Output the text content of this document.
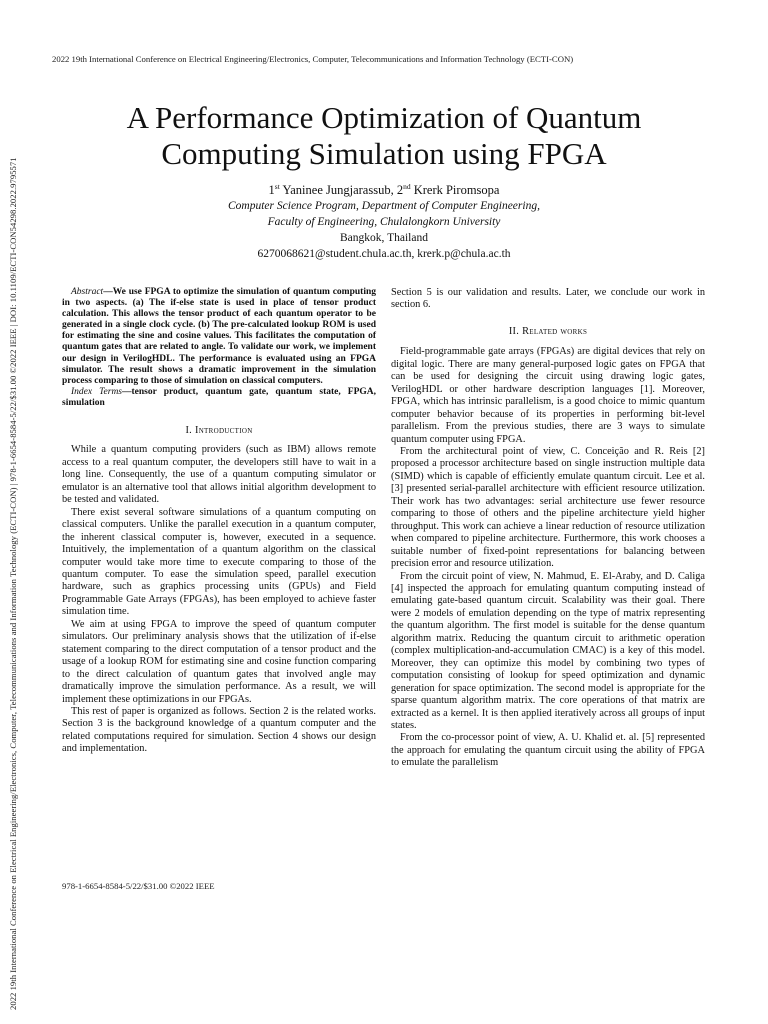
2022 19th International Conference on Electrical Engineering/Electronics, Computer, Telecommunications and Information Technology (ECTI-CON) | 978-1-6654-8584-5/22/$31.00 ©2022 IEEE | DOI: 10.1109/ECTI-CON54298.2022.9795571
2022 19th International Conference on Electrical Engineering/Electronics, Computer, Telecommunications and Information Technology (ECTI-CON)
A Performance Optimization of Quantum
Computing Simulation using FPGA
1st Yaninee Jungjarassub, 2nd Krerk Piromsopa
Computer Science Program, Department of Computer Engineering,
Faculty of Engineering, Chulalongkorn University
Bangkok, Thailand
6270068621@student.chula.ac.th, krerk.p@chula.ac.th

Abstract—We use FPGA to optimize the simulation of quantum computing in two aspects. (a) The if-else state is used in place of tensor product calculation. This allows the tensor product of each quantum operator to be generated in a single clock cycle. (b) The pre-calculated lookup ROM is used for estimating the sine and cosine values. This facilitates the computation of quantum gates that are related to angle. To validate our work, we implement our design in VerilogHDL. The performance is evaluated using an FPGA simulator. The result shows a dramatic improvement in the simulation process comparing to those of simulation on classical computers.

Index Terms—tensor product, quantum gate, quantum state, FPGA, simulation

I. Introduction

While a quantum computing providers (such as IBM) allows remote access to a real quantum computer, the developers still have to wait in a long line. Consequently, the use of a quantum computing simulator or emulator is an alternative tool that allows initial algorithm development to be tested and validated.

There exist several software simulations of a quantum computing on classical computers. Unlike the parallel execution in a quantum computer, the inherent classical computer is, however, executed in a sequence. Intuitively, the implementation of a quantum algorithm on the classical computer would take more time to execute comparing to those of the quantum computer. To ease the simulation speed, parallel execution hardware, such as graphics processing units (GPUs) and Field Programmable Gate Arrays (FPGAs), has been employed to achieve faster simulation time.

We aim at using FPGA to improve the speed of quantum computer simulators. Our preliminary analysis shows that the utilization of if-else statement comparing to the direct computation of a tensor product and the usage of a lookup ROM for estimating sine and cosine function comparing to the direct calculation of quantum gates that involved angle may dramatically improve the simulation performance. As a result, we will implement these optimizations in our FPGAs.

This rest of paper is organized as follows. Section 2 is the related works. Section 3 is the background knowledge of a quantum computer and the related computations required for simulation. Section 4 shows our design and implementation.

Section 5 is our validation and results. Later, we conclude our work in section 6.

II. Related works

Field-programmable gate arrays (FPGAs) are digital devices that rely on digital logic. There are many general-purposed logic gates on FPGA that can be used for designing the circuit using drawing logic gates, VerilogHDL or other hardware description languages [1]. Moreover, FPGA, which has intrinsic parallelism, is a good choice to mimic quantum computer behavior because of its properties in performing bit-level parallelism. From the previous studies, there are 3 ways to simulate quantum computer using FPGA.

From the architectural point of view, C. Conceição and R. Reis [2] proposed a processor architecture based on single instruction multiple data (SIMD) which is capable of efficiently emulate quantum circuit. Lee et al. [3] presented serial-parallel architecture with efficient resource utilization. Their work has two advantages: serial architecture use fewer resource comparing to those of others and the pipeline architecture yield higher throughput. This work can achieve a linear reduction of resource utilization when compared to pipeline architecture. Furthermore, this work chooses a suitable number of fixed-point representations for balancing between precision error and resource utilization.

From the circuit point of view, N. Mahmud, E. El-Araby, and D. Caliga [4] inspected the approach for emulating quantum computing instead of emulating gate-based quantum circuit. Scalability was their goal. There were 2 models of emulation depending on the type of matrix representing the quantum algorithm. The first model is suitable for the dense quantum algorithm matrix. Reducing the quantum circuit to arithmetic operation (complex multiplication-and-accumulation CMAC) is a key of this model. Moreover, they can optimize this model by combining two types of computation consisting of lookup for speed optimization and dynamic generation for space optimization. The second model is appropriate for the sparse quantum algorithm matrix. The core operations of that matrix are extracted as a kernel. It is then applied iteratively across all groups of input states.

From the co-processor point of view, A. U. Khalid et. al. [5] represented the approach for emulating the quantum circuit using the ability of FPGA to emulate the parallelism

978-1-6654-8584-5/22/$31.00 ©2022 IEEE
